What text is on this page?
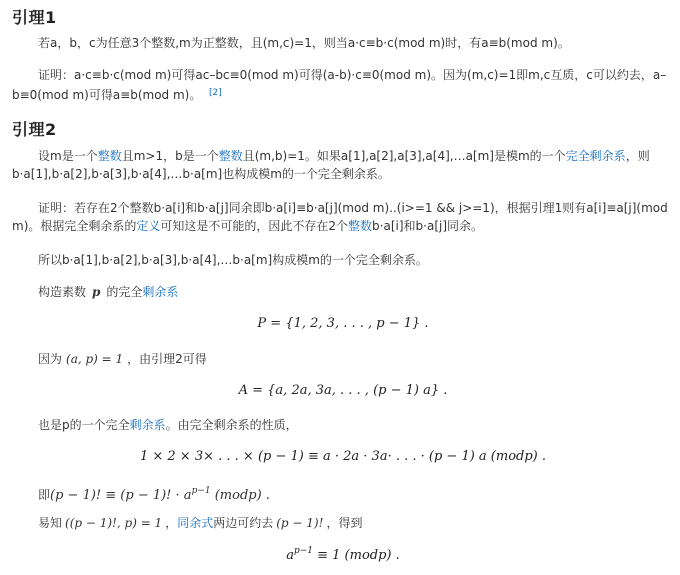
引理1

若a，b，c为任意3个整数,m为正整数，且(m,c)=1，则当a·c≡b·c(mod m)时，有a≡b(mod m)。

证明：a·c≡b·c(mod m)可得ac–bc≡0(mod m)可得(a-b)·c≡0(mod m)。因为(m,c)=1即m,c互质，c可以约去，a– b≡0(mod m)可得a≡b(mod m)。 [2]

引理2

设m是一个整数且m>1，b是一个整数且(m,b)=1。如果a[1],a[2],a[3],a[4],…a[m]是模m的一个完全剩余系，则b·a[1],b·a[2],b·a[3],b·a[4],…b·a[m]也构成模m的一个完全剩余系。

证明：若存在2个整数b·a[i]和b·a[j]同余即b·a[i]≡b·a[j](mod m)..(i>=1 && j>=1)，根据引理1则有a[i]≡a[j](mod m)。根据完全剩余系的定义可知这是不可能的，因此不存在2个整数b·a[i]和b·a[j]同余。

所以b·a[1],b·a[2],b·a[3],b·a[4],…b·a[m]构成模m的一个完全剩余系。

构造素数 p 的完全剩余系

P = {1, 2, 3, . . . , p − 1} .

因为 (a, p) = 1 ，由引理2可得

A = {a, 2a, 3a, . . . , (p − 1) a} .

也是p的一个完全剩余系。由完全剩余系的性质，

1 × 2 × 3× . . . × (p − 1) ≡ a · 2a · 3a· . . . · (p − 1) a (modp) .

即(p − 1)! ≡ (p − 1)! · $a^{p-1}$ (modp) .

易知 ((p − 1)!, p) = 1 ，同余式两边可约去 (p − 1)! ，得到

$a^{p-1} \equiv 1$ (modp) .
